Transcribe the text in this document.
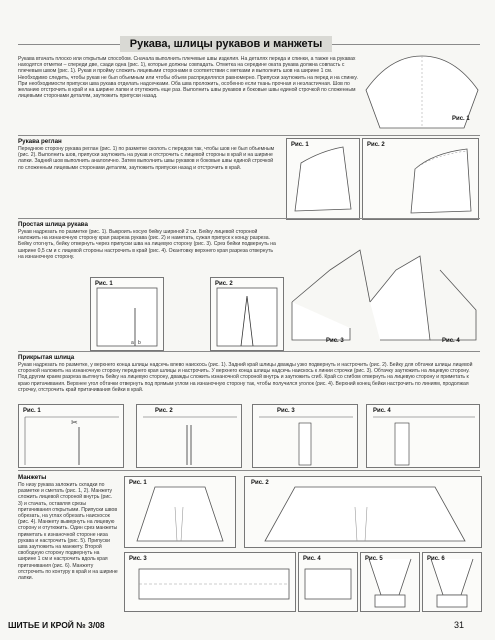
Рукава, шлицы рукавов и манжеты
Рукава втачать плоско или открытым способом. Сначала выполнить плечевые швы изделия. На деталях переда и спинки, а также на рукавах находятся отметки – спереди две, сзади одна (рис. 1), которые должны совпадать. Отметка на середине оката рукава должна совпасть с плечевым швом (рис. 1). Рукав и пройму сложить лицевыми сторонами в соответствии с метками и выполнить шов на ширине 1 см. Необходимо следить, чтобы рукав не был объемным или чтобы объем распределялся равномерно. Припуски заутюжить на перед и на спинку. При необходимости припуски шва рукава отделать надсечками. Оба шва проложить, особенно если ткань прочная и неэластичная. Шов по желанию отстрочить в край и на ширине лапки и отутюжить еще раз. Выполнить швы рукавов и боковые швы единой строчкой по сложенным лицевыми сторонами деталям, заутюжить припуски назад.
Рис. 1
Рукава реглан
Переднюю сторону рукава реглан (рис. 1) по разметке сколоть с передом так, чтобы шов не был объемным (рис. 2). Выполнить шов, припуски заутюжить на рукав и отстрочить с лицевой стороны в край и на ширине лапки. Задний шов выполнить аналогично. Затем выполнить швы рукавов и боковые швы единой строчкой по сложенным лицевыми сторонами деталям, заутюжить припуски назад и отстрочить в край.
Рис. 1	Рис. 2
Простая шлица рукава
Рукав надрезать по разметке (рис. 1). Выкроить косую бейку шириной 2 см. Бейку лицевой стороной наложить на изнаночную сторону края разреза рукава (рис. 2) и наметать, сужая припуск к концу разреза. Бейку отогнуть, бейку отвернуть через припуски шва на лицевую сторону (рис. 3). Срез бейки подвернуть на ширине 0,5 см и с лицевой стороны настрочить в край (рис. 4). Окантовку верхнего края разреза отвернуть на изнаночную сторону.
a b
Рис. 1	Рис. 2
Рис. 3	Рис. 4
Прикрытая шлица
Рукав надрезать по разметке, у верхнего конца шлицы надсечь влево наискось (рис. 1). Задний край шлицы дважды узко подвернуть и настрочить (рис. 2). Бейку для обтачки шлицы лицевой стороной наложить на изнаночную сторону переднего края шлицы и настрочить. У верхнего конца шлицы надсечь наискось к линии строчки (рис. 3). Обтачку заутюжить на лицевую сторону. Под другим краем разреза вытянуть бейку на лицевую сторону, дважды сложить изнаночной стороной внутрь и заутюжить сгиб. Край со сгибом отвернуть на лицевую сторону и приметать к краю притачивания. Верхнее угол обтачки отвернуть под прямым углом на изнаночную сторону так, чтобы получился уголок (рис. 4). Верхний конец бейки настрочить по линиям, продолжая строчку, отстрочить край притачивания бейки в край.
✂
Рис. 1	Рис. 2	Рис. 3	Рис. 4
Манжеты
По низу рукава заложить складки по разметке и сметать (рис. 1, 2). Манжету сложить лицевой стороной внутрь (рис. 3) и стачать, оставляя срезы притачивания открытыми. Припуски швов обрезать, на углах обрезать наискосок (рис. 4). Манжету вывернуть на лицевую сторону и отутюжить. Один срез манжеты приметать к изнаночной стороне низа рукава и настрочить (рис. 5). Припуски шва заутюжить на манжету. Второй свободную сторону подвернуть на ширине 1 см и настрочить вдоль края притачивания (рис. 6). Манжету отстрочить по контуру в край и на ширине лапки.
Рис. 1	Рис. 2
Рис. 3	Рис. 4	Рис. 5	Рис. 6
ШИТЬЕ И КРОЙ № 3/08	31
